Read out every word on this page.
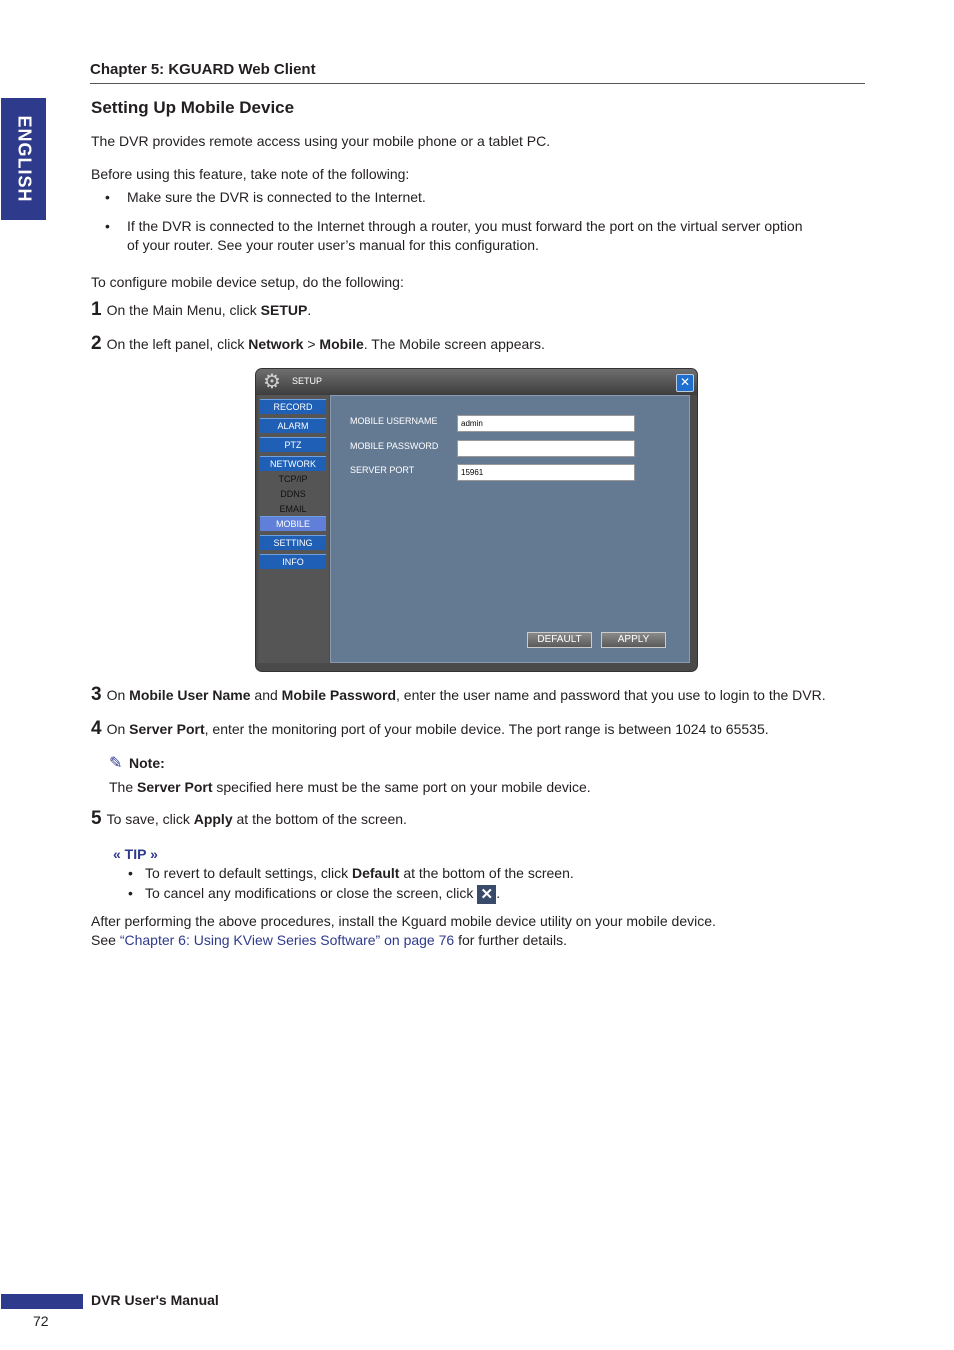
ENGLISH
Chapter 5: KGUARD Web Client
Setting Up Mobile Device
The DVR provides remote access using your mobile phone or a tablet PC.
Before using this feature, take note of the following:
• Make sure the DVR is connected to the Internet.
• If the DVR is connected to the Internet through a router, you must forward the port on the virtual server option
of your router. See your router user’s manual for this configuration.
To configure mobile device setup, do the following:
1 On the Main Menu, click SETUP.
2 On the left panel, click Network > Mobile. The Mobile screen appears.
⚙	SETUP	✕
RECORD
ALARM
PTZ
NETWORK
TCP/IP
DDNS
EMAIL
MOBILE
SETTING
INFO
MOBILE USERNAME	admin
MOBILE PASSWORD
SERVER PORT	15961
DEFAULT	APPLY
3 On Mobile User Name and Mobile Password, enter the user name and password that you use to login to the DVR.
4 On Server Port, enter the monitoring port of your mobile device. The port range is between 1024 to 65535.
✎ Note:
The Server Port specified here must be the same port on your mobile device.
5 To save, click Apply at the bottom of the screen.
« TIP »
• To revert to default settings, click Default at the bottom of the screen.
• To cancel any modifications or close the screen, click ✕ .
After performing the above procedures, install the Kguard mobile device utility on your mobile device.
See “Chapter 6: Using KView Series Software” on page 76 for further details.
DVR User's Manual
72
